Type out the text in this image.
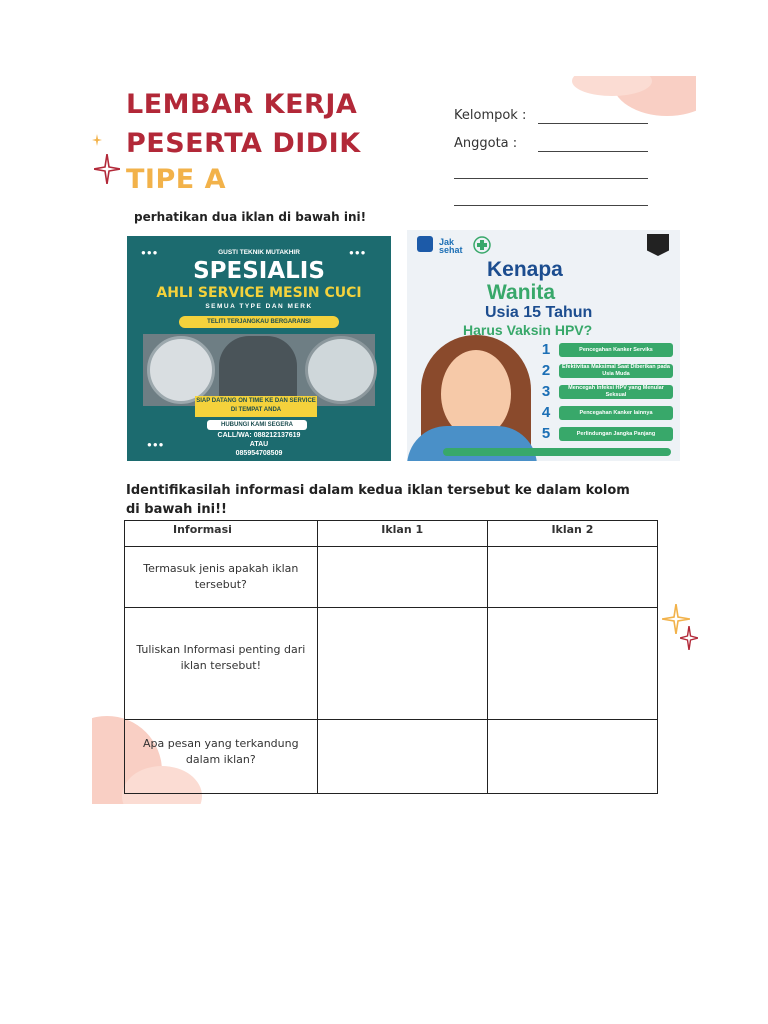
LEMBAR KERJA
PESERTA DIDIK
TIPE A
Kelompok :
Anggota :
perhatikan dua iklan di bawah ini!
GUSTI TEKNIK MUTAKHIR
SPESIALIS
AHLI SERVICE MESIN CUCI
SEMUA TYPE DAN MERK
TELITI TERJANGKAU BERGARANSI
SIAP DATANG ON TIME KE DAN SERVICE DI TEMPAT ANDA
HUBUNGI KAMI SEGERA
CALL/WA: 088212137619
ATAU
085954708509
●●●	●●●
●●●
Jak sehat
Kenapa
Wanita
Usia 15 Tahun
Harus Vaksin HPV?
1	Pencegahan Kanker Serviks
2	Efektivitas Maksimal Saat Diberikan pada Usia Muda
3	Mencegah Infeksi HPV yang Menular Seksual
4	Pencegahan Kanker lainnya
5	Perlindungan Jangka Panjang
Identifikasilah informasi dalam kedua iklan tersebut ke dalam kolom di bawah ini!!
Informasi	Iklan 1	Iklan 2
Termasuk jenis apakah iklan tersebut?		
Tuliskan Informasi penting dari iklan tersebut!		
Apa pesan yang terkandung dalam iklan?		
